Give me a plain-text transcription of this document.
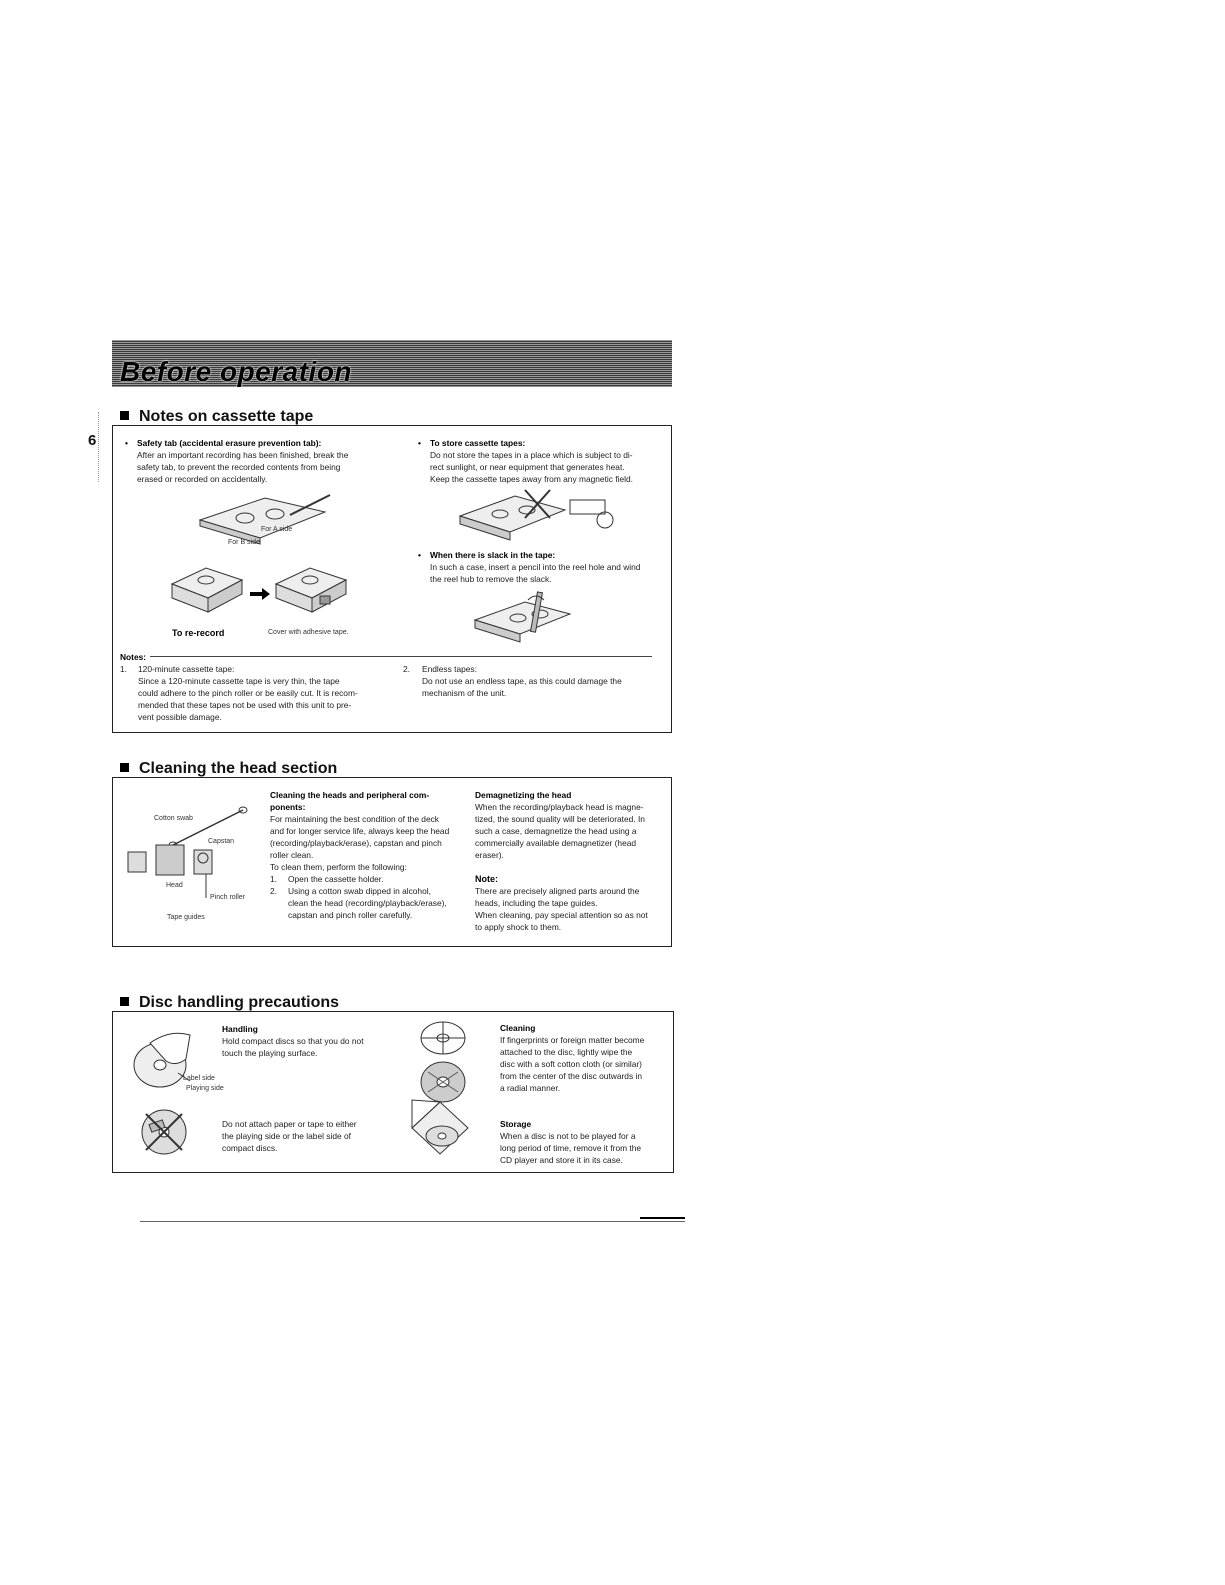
Before operation
6
Notes on cassette tape
• Safety tab (accidental erasure prevention tab):
After an important recording has been finished, break the
safety tab, to prevent the recorded contents from being
erased or recorded on accidentally.
For A side
For B side
To re-record	Cover with adhesive tape.
• To store cassette tapes:
Do not store the tapes in a place which is subject to di-
rect sunlight, or near equipment that generates heat.
Keep the cassette tapes away from any magnetic field.
• When there is slack in the tape:
In such a case, insert a pencil into the reel hole and wind
the reel hub to remove the slack.
Notes:
1. 120-minute cassette tape:
Since a 120-minute cassette tape is very thin, the tape
could adhere to the pinch roller or be easily cut. It is recom-
mended that these tapes not be used with this unit to pre-
vent possible damage.
2. Endless tapes:
Do not use an endless tape, as this could damage the
mechanism of the unit.
Cleaning the head section
Cotton swab
Capstan
Head
Pinch roller
Tape guides
Cleaning the heads and peripheral com-
ponents:
For maintaining the best condition of the deck
and for longer service life, always keep the head
(recording/playback/erase), capstan and pinch
roller clean.
To clean them, perform the following:
1. Open the cassette holder.
2. Using a cotton swab dipped in alcohol,
clean the head (recording/playback/erase),
capstan and pinch roller carefully.
Demagnetizing the head
When the recording/playback head is magne-
tized, the sound quality will be deteriorated. In
such a case, demagnetize the head using a
commercially available demagnetizer (head
eraser).
Note:
There are precisely aligned parts around the
heads, including the tape guides.
When cleaning, pay special attention so as not
to apply shock to them.
Disc handling precautions
Label side
Playing side
Handling
Hold compact discs so that you do not
touch the playing surface.
Do not attach paper or tape to either
the playing side or the label side of
compact discs.
Cleaning
If fingerprints or foreign matter become
attached to the disc, lightly wipe the
disc with a soft cotton cloth (or similar)
from the center of the disc outwards in
a radial manner.
Storage
When a disc is not to be played for a
long period of time, remove it from the
CD player and store it in its case.
